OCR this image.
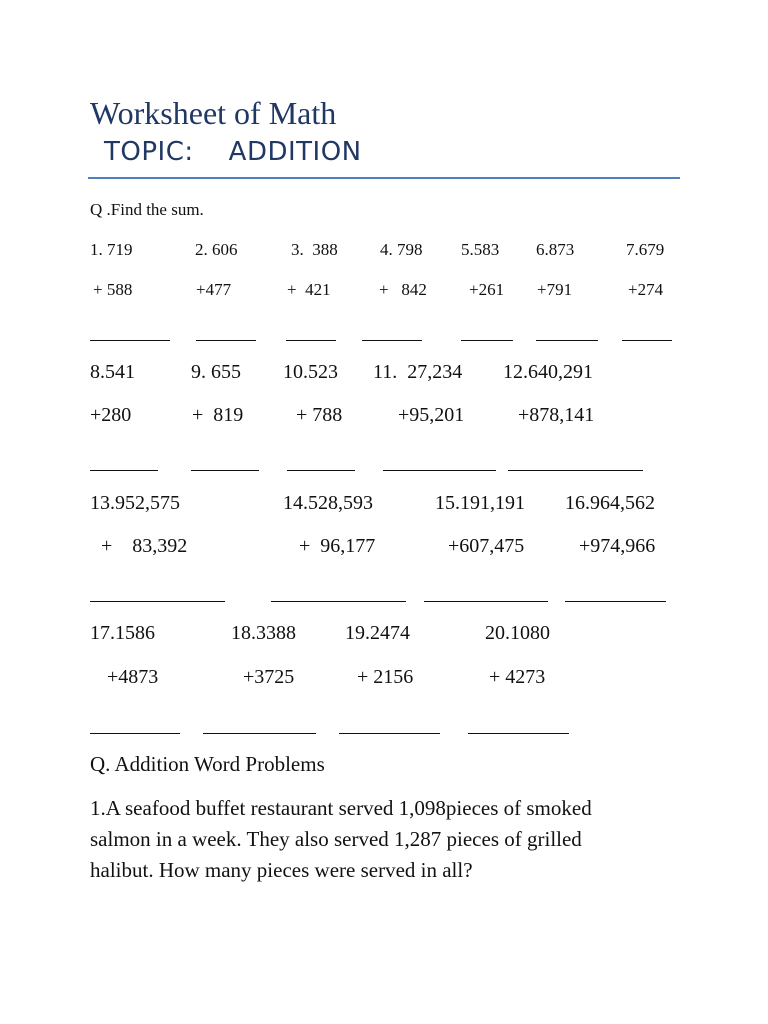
Worksheet of Math
TOPIC:    ADDITION
Q .Find the sum.
1. 719
+ 588
2. 606
+477
3.  388
+  421
4. 798
+   842
5.583
+261
6.873
+791
7.679
+274
8.541
+280
9. 655
+  819
10.523
+ 788
11.  27,234
+95,201
12.640,291
+878,141
13.952,575
+    83,392
14.528,593
+  96,177
15.191,191
+607,475
16.964,562
+974,966
17.1586
+4873
18.3388
+3725
19.2474
+ 2156
20.1080
+ 4273
Q. Addition Word Problems
1.A seafood buffet restaurant served 1,098pieces of smoked salmon in a week. They also served 1,287 pieces of grilled halibut. How many pieces were served in all?
